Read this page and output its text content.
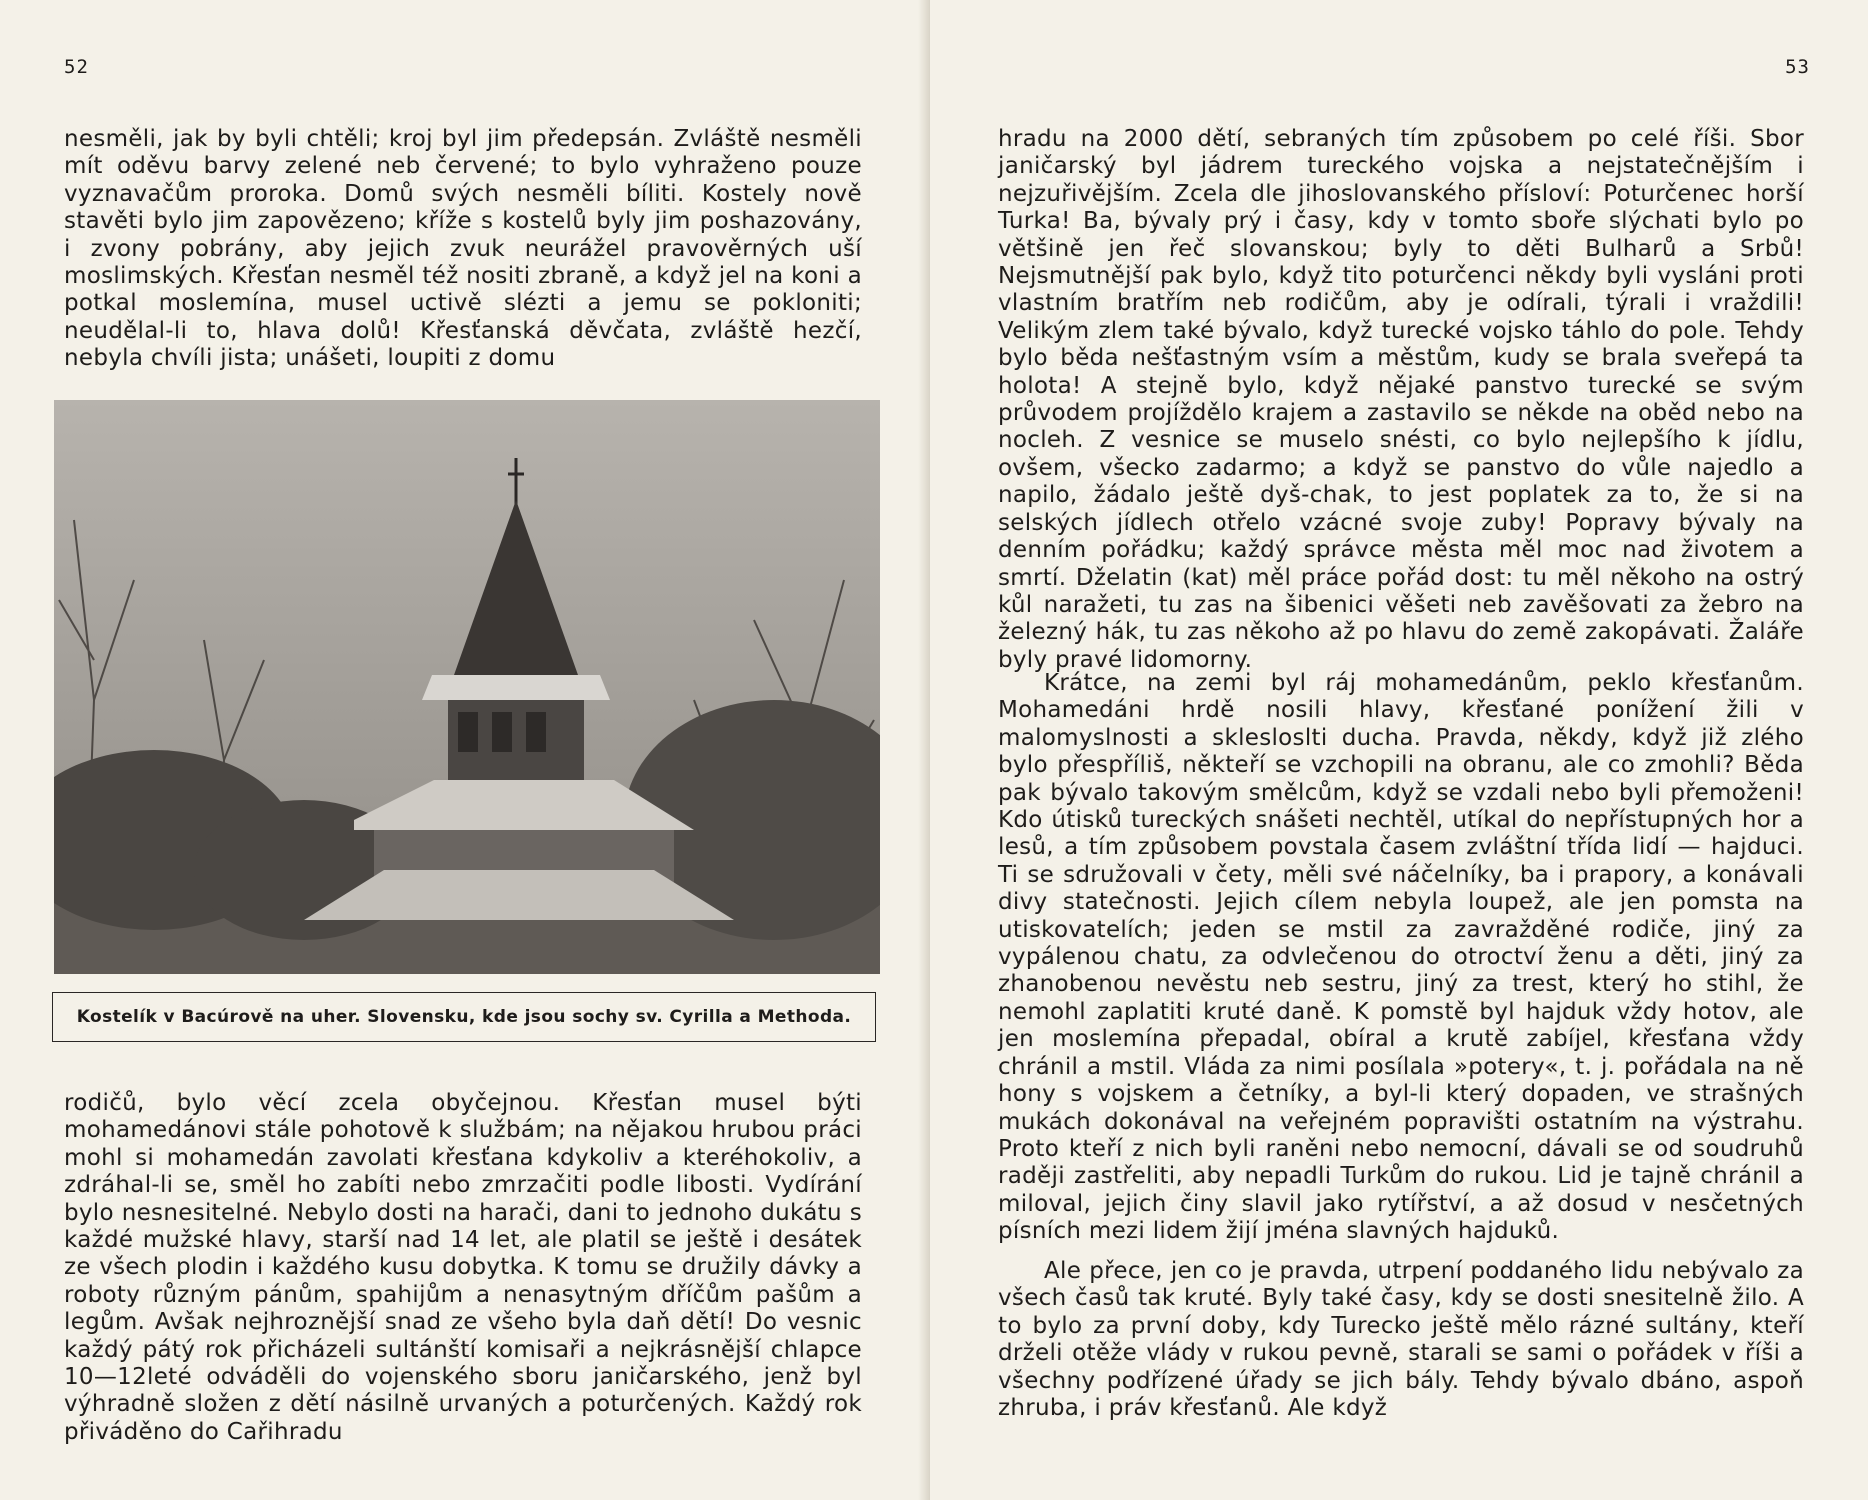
52

nesměli, jak by byli chtěli; kroj byl jim předepsán. Zvláště nesměli mít oděvu barvy zelené neb červené; to bylo vyhraženo pouze vyznavačům proroka. Domů svých nesměli bíliti. Kostely nově stavěti bylo jim zapovězeno; kříže s kostelů byly jim poshazovány, i zvony pobrány, aby jejich zvuk neurážel pravověrných uší moslimských. Křesťan nesměl též nositi zbraně, a když jel na koni a potkal moslemína, musel uctivě slézti a jemu se pokloniti; neudělal-li to, hlava dolů! Křesťanská děvčata, zvláště hezčí, nebyla chvíli jista; unášeti, loupiti z domu

Kostelík v Bacúrově na uher. Slovensku, kde jsou sochy sv. Cyrilla a Methoda.

rodičů, bylo věcí zcela obyčejnou. Křesťan musel býti mohamedánovi stále pohotově k službám; na nějakou hrubou práci mohl si mohamedán zavolati křesťana kdykoliv a kteréhokoliv, a zdráhal-li se, směl ho zabíti nebo zmrzačiti podle libosti. Vydírání bylo nesnesitelné. Nebylo dosti na harači, dani to jednoho dukátu s každé mužské hlavy, starší nad 14 let, ale platil se ještě i desátek ze všech plodin i každého kusu dobytka. K tomu se družily dávky a roboty různým pánům, spahijům a nenasytným dříčům pašům a legům. Avšak nejhroznější snad ze všeho byla daň dětí! Do vesnic každý pátý rok přicházeli sultánští komisaři a nejkrásnější chlapce 10—12leté odváděli do vojenského sboru janičarského, jenž byl výhradně složen z dětí násilně urvaných a poturčených. Každý rok přiváděno do Cařihradu

53

hradu na 2000 dětí, sebraných tím způsobem po celé říši. Sbor janičarský byl jádrem tureckého vojska a nejstatečnějším i nejzuřivějším. Zcela dle jihoslovanského přísloví: Poturčenec horší Turka! Ba, bývaly prý i časy, kdy v tomto sboře slýchati bylo po většině jen řeč slovanskou; byly to děti Bulharů a Srbů! Nejsmutnější pak bylo, když tito poturčenci někdy byli vysláni proti vlastním bratřím neb rodičům, aby je odírali, týrali i vraždili! Velikým zlem také bývalo, když turecké vojsko táhlo do pole. Tehdy bylo běda nešťastným vsím a městům, kudy se brala sveřepá ta holota! A stejně bylo, když nějaké panstvo turecké se svým průvodem projíždělo krajem a zastavilo se někde na oběd nebo na nocleh. Z vesnice se muselo snésti, co bylo nejlepšího k jídlu, ovšem, všecko zadarmo; a když se panstvo do vůle najedlo a napilo, žádalo ještě dyš-chak, to jest poplatek za to, že si na selských jídlech otřelo vzácné svoje zuby! Popravy bývaly na denním pořádku; každý správce města měl moc nad životem a smrtí. Dželatin (kat) měl práce pořád dost: tu měl někoho na ostrý kůl naražeti, tu zas na šibenici věšeti neb zavěšovati za žebro na železný hák, tu zas někoho až po hlavu do země zakopávati. Žaláře byly pravé lidomorny.

Krátce, na zemi byl ráj mohamedánům, peklo křesťanům. Mohamedáni hrdě nosili hlavy, křesťané ponížení žili v malomyslnosti a sklesloslti ducha. Pravda, někdy, když již zlého bylo přespříliš, někteří se vzchopili na obranu, ale co zmohli? Běda pak bývalo takovým smělcům, když se vzdali nebo byli přemoženi! Kdo útisků tureckých snášeti nechtěl, utíkal do nepřístupných hor a lesů, a tím způsobem povstala časem zvláštní třída lidí — hajduci. Ti se sdružovali v čety, měli své náčelníky, ba i prapory, a konávali divy statečnosti. Jejich cílem nebyla loupež, ale jen pomsta na utiskovatelích; jeden se mstil za zavražděné rodiče, jiný za vypálenou chatu, za odvlečenou do otroctví ženu a děti, jiný za zhanobenou nevěstu neb sestru, jiný za trest, který ho stihl, že nemohl zaplatiti kruté daně. K pomstě byl hajduk vždy hotov, ale jen moslemína přepadal, obíral a krutě zabíjel, křesťana vždy chránil a mstil. Vláda za nimi posílala »potery«, t. j. pořádala na ně hony s vojskem a četníky, a byl-li který dopaden, ve strašných mukách dokonával na veřejném popravišti ostatním na výstrahu. Proto kteří z nich byli raněni nebo nemocní, dávali se od soudruhů raději zastřeliti, aby nepadli Turkům do rukou. Lid je tajně chránil a miloval, jejich činy slavil jako rytířství, a až dosud v nesčetných písních mezi lidem žijí jména slavných hajduků.

Ale přece, jen co je pravda, utrpení poddaného lidu nebývalo za všech časů tak kruté. Byly také časy, kdy se dosti snesitelně žilo. A to bylo za první doby, kdy Turecko ještě mělo rázné sultány, kteří drželi otěže vlády v rukou pevně, starali se sami o pořádek v říši a všechny podřízené úřady se jich bály. Tehdy bývalo dbáno, aspoň zhruba, i práv křesťanů. Ale když
